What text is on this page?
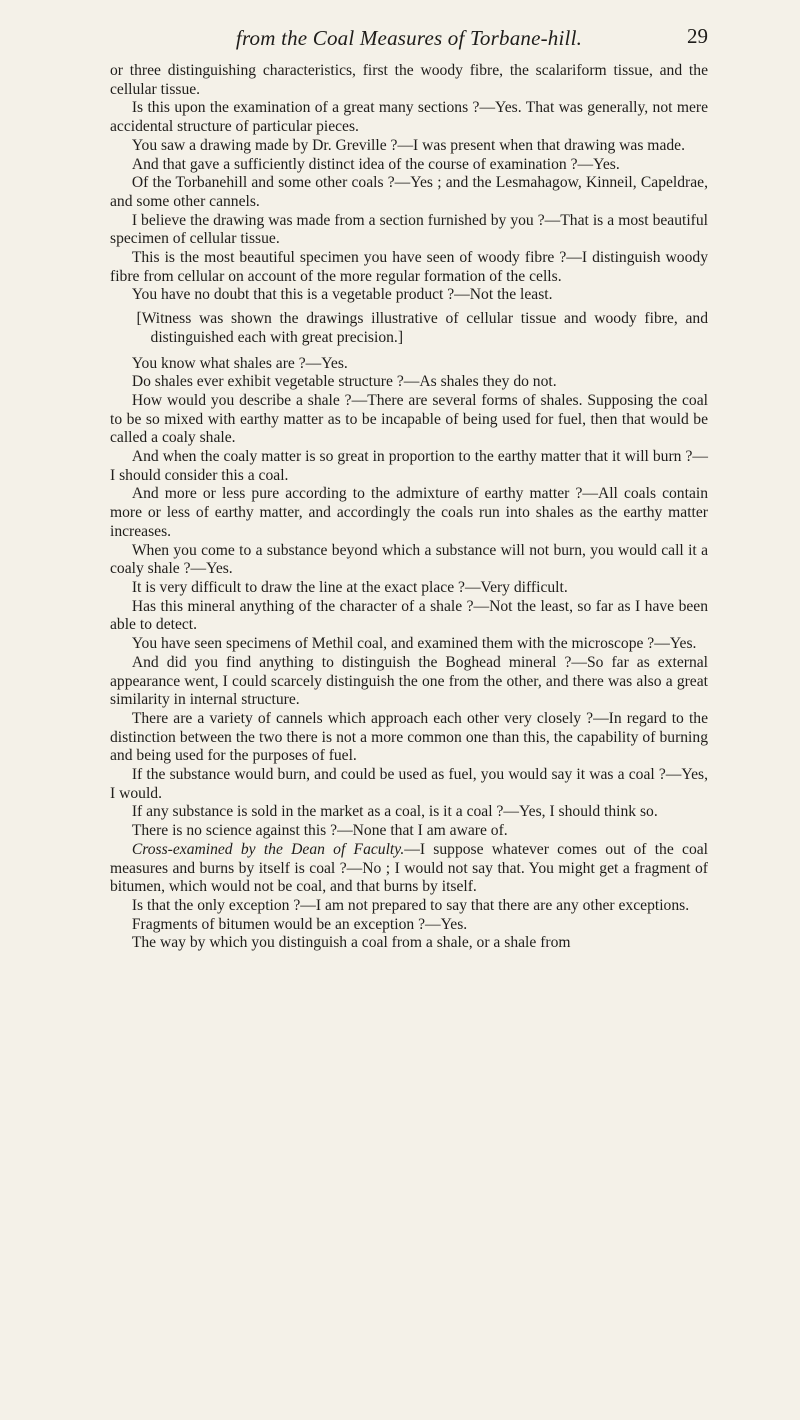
from the Coal Measures of Torbane-hill.	29

or three distinguishing characteristics, first the woody fibre, the scalariform tissue, and the cellular tissue.

Is this upon the examination of a great many sections ?—Yes. That was generally, not mere accidental structure of particular pieces.

You saw a drawing made by Dr. Greville ?—I was present when that drawing was made.

And that gave a sufficiently distinct idea of the course of examination ?—Yes.

Of the Torbanehill and some other coals ?—Yes ; and the Lesmahagow, Kinneil, Capeldrae, and some other cannels.

I believe the drawing was made from a section furnished by you ?—That is a most beautiful specimen of cellular tissue.

This is the most beautiful specimen you have seen of woody fibre ?—I distinguish woody fibre from cellular on account of the more regular formation of the cells.

You have no doubt that this is a vegetable product ?—Not the least.

[Witness was shown the drawings illustrative of cellular tissue and woody fibre, and distinguished each with great precision.]

You know what shales are ?—Yes.

Do shales ever exhibit vegetable structure ?—As shales they do not.

How would you describe a shale ?—There are several forms of shales. Supposing the coal to be so mixed with earthy matter as to be incapable of being used for fuel, then that would be called a coaly shale.

And when the coaly matter is so great in proportion to the earthy matter that it will burn ?—I should consider this a coal.

And more or less pure according to the admixture of earthy matter ?—All coals contain more or less of earthy matter, and accordingly the coals run into shales as the earthy matter increases.

When you come to a substance beyond which a substance will not burn, you would call it a coaly shale ?—Yes.

It is very difficult to draw the line at the exact place ?—Very difficult.

Has this mineral anything of the character of a shale ?—Not the least, so far as I have been able to detect.

You have seen specimens of Methil coal, and examined them with the microscope ?—Yes.

And did you find anything to distinguish the Boghead mineral ?—So far as external appearance went, I could scarcely distinguish the one from the other, and there was also a great similarity in internal structure.

There are a variety of cannels which approach each other very closely ?—In regard to the distinction between the two there is not a more common one than this, the capability of burning and being used for the purposes of fuel.

If the substance would burn, and could be used as fuel, you would say it was a coal ?—Yes, I would.

If any substance is sold in the market as a coal, is it a coal ?—Yes, I should think so.

There is no science against this ?—None that I am aware of.

Cross-examined by the Dean of Faculty.—I suppose whatever comes out of the coal measures and burns by itself is coal ?—No ; I would not say that. You might get a fragment of bitumen, which would not be coal, and that burns by itself.

Is that the only exception ?—I am not prepared to say that there are any other exceptions.

Fragments of bitumen would be an exception ?—Yes.

The way by which you distinguish a coal from a shale, or a shale from
